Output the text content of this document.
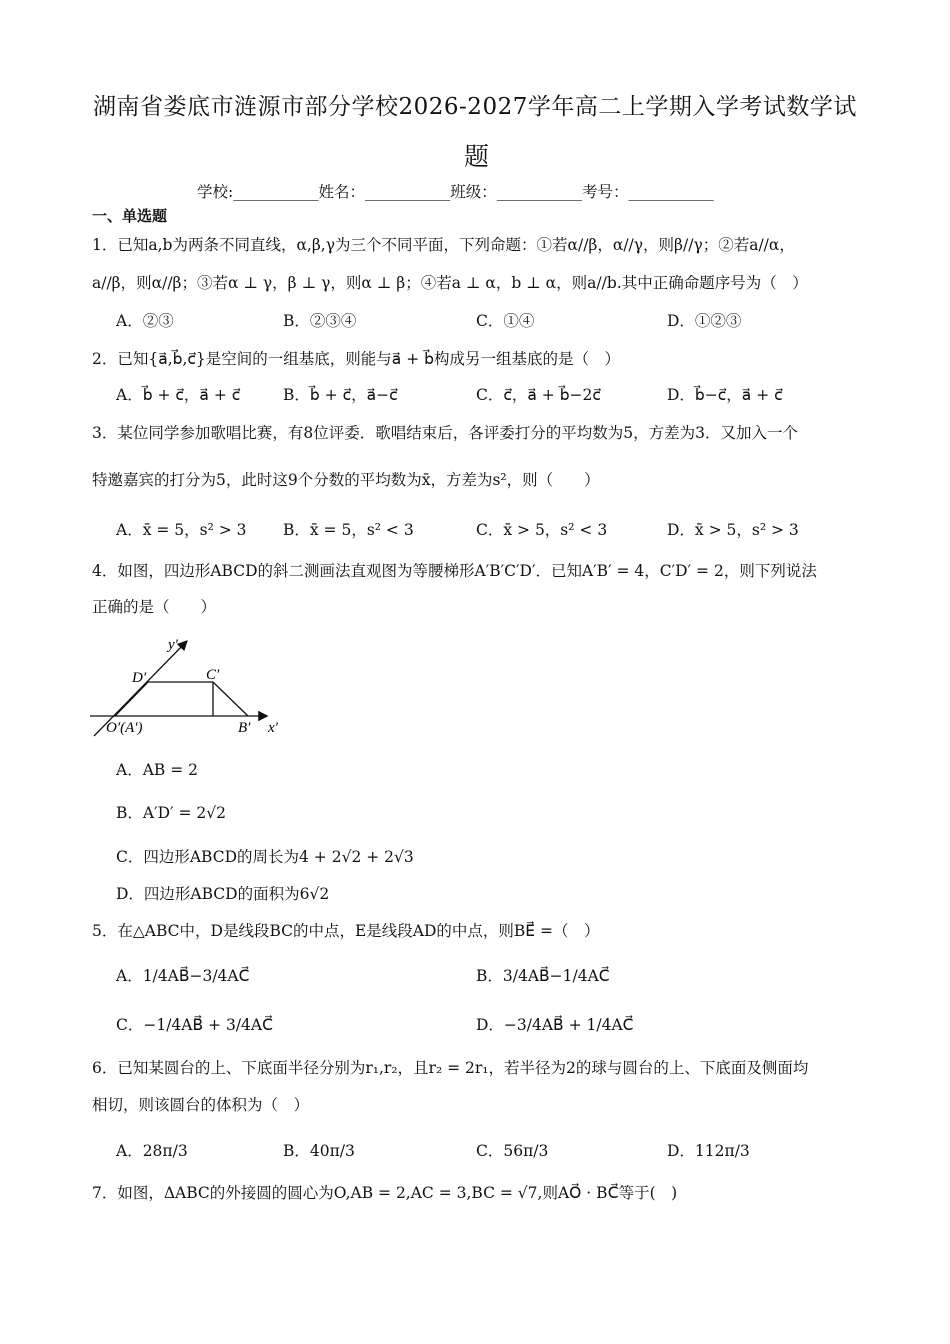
湖南省娄底市涟源市部分学校2026-2027学年高二上学期入学考试数学试
题
学校:___________姓名：___________班级：___________考号：___________
一、单选题
1．已知a,b为两条不同直线，α,β,γ为三个不同平面，下列命题：①若α//β，α//γ，则β//γ；②若a//α，
a//β，则α//β；③若α ⊥ γ，β ⊥ γ，则α ⊥ β；④若a ⊥ α，b ⊥ α，则a//b.其中正确命题序号为（　）
A．②③	B．②③④	C．①④	D．①②③
2．已知{a⃗,b⃗,c⃗}是空间的一组基底，则能与a⃗ + b⃗构成另一组基底的是（　）
A．b⃗ + c⃗，a⃗ + c⃗	B．b⃗ + c⃗，a⃗−c⃗	C．c⃗，a⃗ + b⃗−2c⃗	D．b⃗−c⃗，a⃗ + c⃗
3．某位同学参加歌唱比赛，有8位评委．歌唱结束后，各评委打分的平均数为5，方差为3．又加入一个
特邀嘉宾的打分为5，此时这9个分数的平均数为x̄，方差为s²，则（　　）
A．x̄ = 5，s² > 3 B．x̄ = 5，s² < 3	C．x̄ > 5，s² < 3	D．x̄ > 5，s² > 3
4．如图，四边形ABCD的斜二测画法直观图为等腰梯形A′B′C′D′．已知A′B′ = 4，C′D′ = 2，则下列说法
正确的是（　　）
y′
D′	C′
O′(A′)	B′ x′
A．AB = 2
B．A′D′ = 2√2
C．四边形ABCD的周长为4 + 2√2 + 2√3
D．四边形ABCD的面积为6√2
5．在△ABC中，D是线段BC的中点，E是线段AD的中点，则BE⃗ =（　）
A．1/4AB⃗−3/4AC⃗	B．3/4AB⃗−1/4AC⃗
C．−1/4AB⃗ + 3/4AC⃗	D．−3/4AB⃗ + 1/4AC⃗
6．已知某圆台的上、下底面半径分别为r₁,r₂，且r₂ = 2r₁，若半径为2的球与圆台的上、下底面及侧面均
相切，则该圆台的体积为（　）
A．28π/3	B．40π/3	C．56π/3	D．112π/3
7．如图，ΔABC的外接圆的圆心为O,AB = 2,AC = 3,BC = √7,则AO⃗ · BC⃗等于(　)
